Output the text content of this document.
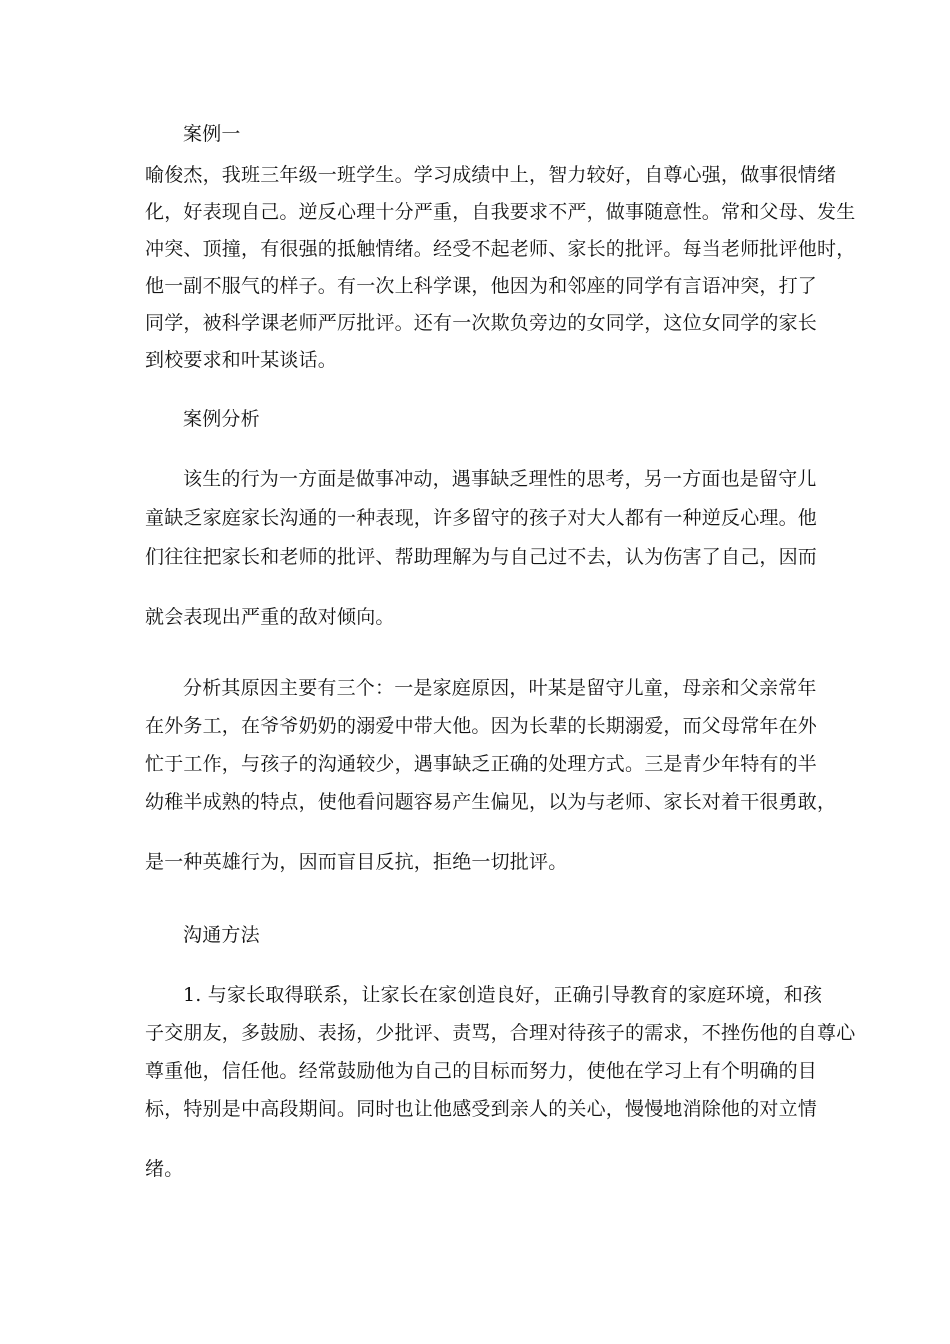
案例一

喻俊杰，我班三年级一班学生。学习成绩中上，智力较好，自尊心强，做事很情绪

化，好表现自己。逆反心理十分严重，自我要求不严，做事随意性。常和父母、发生

冲突、顶撞，有很强的抵触情绪。经受不起老师、家长的批评。每当老师批评他时，

他一副不服气的样子。有一次上科学课，他因为和邻座的同学有言语冲突，打了

同学，被科学课老师严厉批评。还有一次欺负旁边的女同学，这位女同学的家长

到校要求和叶某谈话。

案例分析

该生的行为一方面是做事冲动，遇事缺乏理性的思考，另一方面也是留守儿

童缺乏家庭家长沟通的一种表现，许多留守的孩子对大人都有一种逆反心理。他

们往往把家长和老师的批评、帮助理解为与自己过不去，认为伤害了自己，因而

就会表现出严重的敌对倾向。

分析其原因主要有三个：一是家庭原因，叶某是留守儿童，母亲和父亲常年

在外务工，在爷爷奶奶的溺爱中带大他。因为长辈的长期溺爱，而父母常年在外

忙于工作，与孩子的沟通较少，遇事缺乏正确的处理方式。三是青少年特有的半

幼稚半成熟的特点，使他看问题容易产生偏见，以为与老师、家长对着干很勇敢，

是一种英雄行为，因而盲目反抗，拒绝一切批评。

沟通方法

1. 与家长取得联系，让家长在家创造良好，正确引导教育的家庭环境，和孩

子交朋友，多鼓励、表扬，少批评、责骂，合理对待孩子的需求，不挫伤他的自尊心

尊重他，信任他。经常鼓励他为自己的目标而努力，使他在学习上有个明确的目

标，特别是中高段期间。同时也让他感受到亲人的关心，慢慢地消除他的对立情

绪。
